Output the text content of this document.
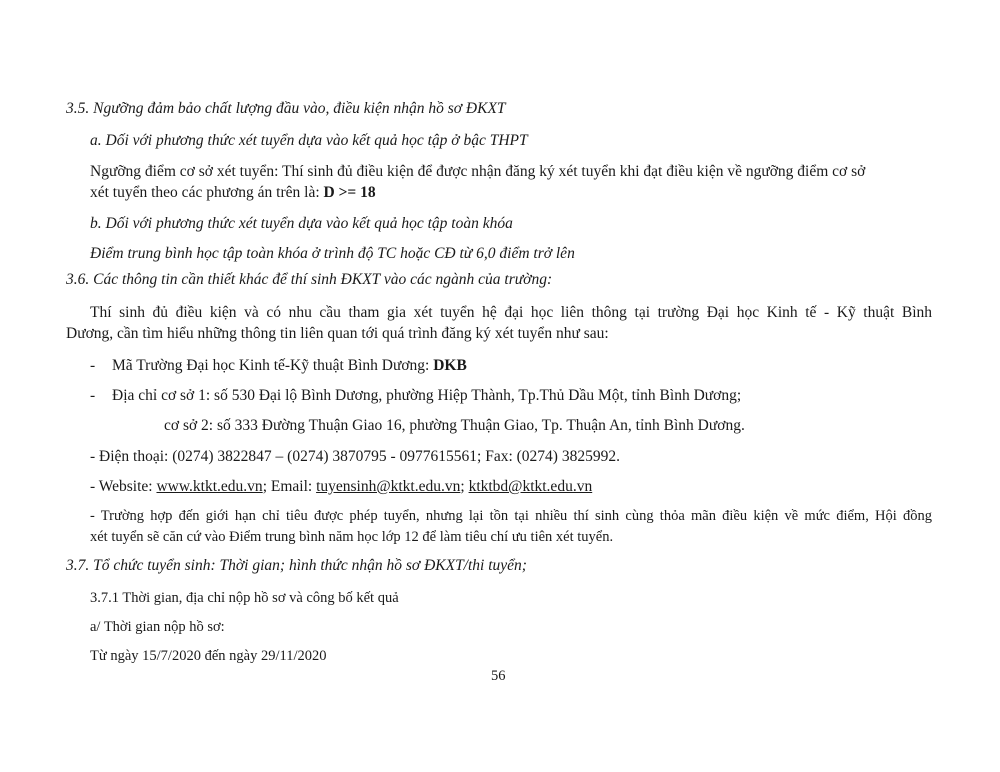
3.5. Ngưỡng đảm bảo chất lượng đầu vào, điều kiện nhận hồ sơ ĐKXT
a. Dối với phương thức xét tuyển dựa vào kết quả học tập ở bậc THPT
Ngưỡng điểm cơ sở xét tuyển: Thí sinh đủ điều kiện để được nhận đăng ký xét tuyển khi đạt điều kiện về ngưỡng điểm cơ sở
xét tuyển theo các phương án trên là: D >= 18
b. Dối với phương thức xét tuyển dựa vào kết quả học tập toàn khóa
Điểm trung bình học tập toàn khóa ở trình độ TC hoặc CĐ từ 6,0 điểm trở lên
3.6. Các thông tin cần thiết khác để thí sinh ĐKXT vào các ngành của trường:
Thí sinh đủ điều kiện và có nhu cầu tham gia xét tuyển hệ đại học liên thông tại trường Đại học Kinh tế - Kỹ thuật Bình
Dương, cần tìm hiểu những thông tin liên quan tới quá trình đăng ký xét tuyển như sau:
- Mã Trường Đại học Kinh tế-Kỹ thuật Bình Dương: DKB
- Địa chỉ cơ sở 1: số 530 Đại lộ Bình Dương, phường Hiệp Thành, Tp.Thủ Dầu Một, tỉnh Bình Dương;
cơ sở 2: số 333 Đường Thuận Giao 16, phường Thuận Giao, Tp. Thuận An, tỉnh Bình Dương.
- Điện thoại: (0274) 3822847 – (0274) 3870795 - 0977615561; Fax: (0274) 3825992.
- Website: www.ktkt.edu.vn; Email: tuyensinh@ktkt.edu.vn; ktktbd@ktkt.edu.vn
- Trường hợp đến giới hạn chỉ tiêu được phép tuyển, nhưng lại tồn tại nhiều thí sinh cùng thỏa mãn điều kiện về mức điểm, Hội đồng
xét tuyển sẽ căn cứ vào Điểm trung bình năm học lớp 12 để làm tiêu chí ưu tiên xét tuyển.
3.7. Tổ chức tuyển sinh: Thời gian; hình thức nhận hồ sơ ĐKXT/thi tuyển;
3.7.1 Thời gian, địa chỉ nộp hồ sơ và công bố kết quả
a/ Thời gian nộp hồ sơ:
Từ ngày 15/7/2020 đến ngày 29/11/2020
56
